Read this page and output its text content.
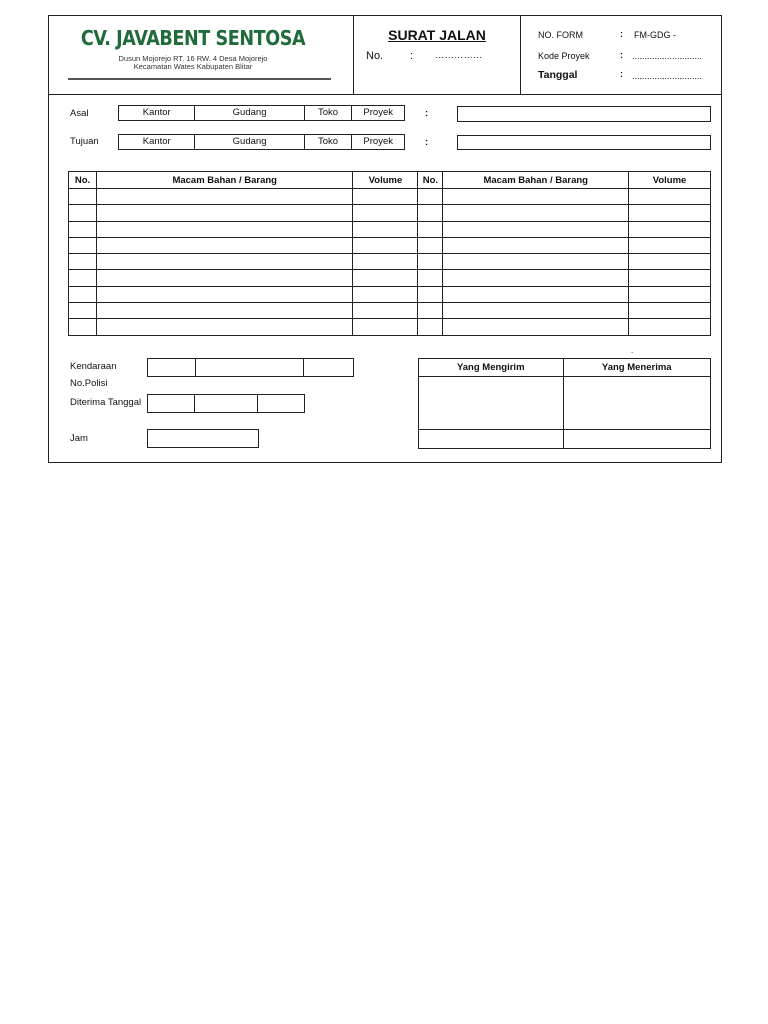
CV. JAVABENT SENTOSA
Dusun Mojorejo RT. 16 RW. 4 Desa Mojorejo
Kecamatan Wates Kabupaten Blitar
SURAT JALAN
No. : ……………
NO. FORM	: FM-GDG -
Kode Proyek	: ............................
Tanggal	: ............................
Asal	Kantor	Gudang	Toko	Proyek	:
Tujuan	Kantor	Gudang	Toko	Proyek	:
No.	Macam Bahan / Barang	Volume	No.	Macam Bahan / Barang	Volume

Kendaraan
No.Polisi
Diterima Tanggal
Jam
.
Yang Mengirim	Yang Menerima
